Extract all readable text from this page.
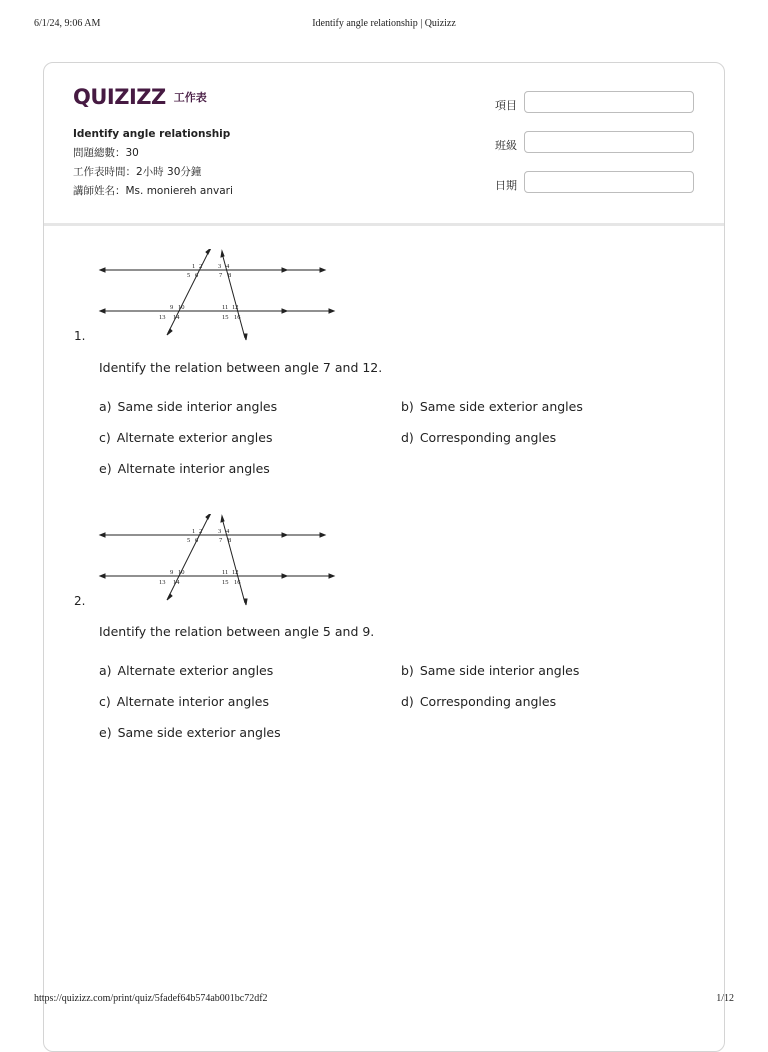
6/1/24, 9:06 AM	Identify angle relationship | Quizizz
QUIZIZZ 工作表
Identify angle relationship
問題總數：30
工作表時間：2小時 30分鐘
講師姓名：Ms. moniereh anvari
項目
班級
日期
1 2 3 4
5 6	7 8
9 10	11 12
13 14	15 16
1.
Identify the relation between angle 7 and 12.
a) Same side interior angles	b) Same side exterior angles
c) Alternate exterior angles	d) Corresponding angles
e) Alternate interior angles
1 2 3 4
5 6	7 8
9 10	11 12
13 14	15 16
2.
Identify the relation between angle 5 and 9.
a) Alternate exterior angles	b) Same side interior angles
c) Alternate interior angles	d) Corresponding angles
e) Same side exterior angles
https://quizizz.com/print/quiz/5fadef64b574ab001bc72df2	1/12
